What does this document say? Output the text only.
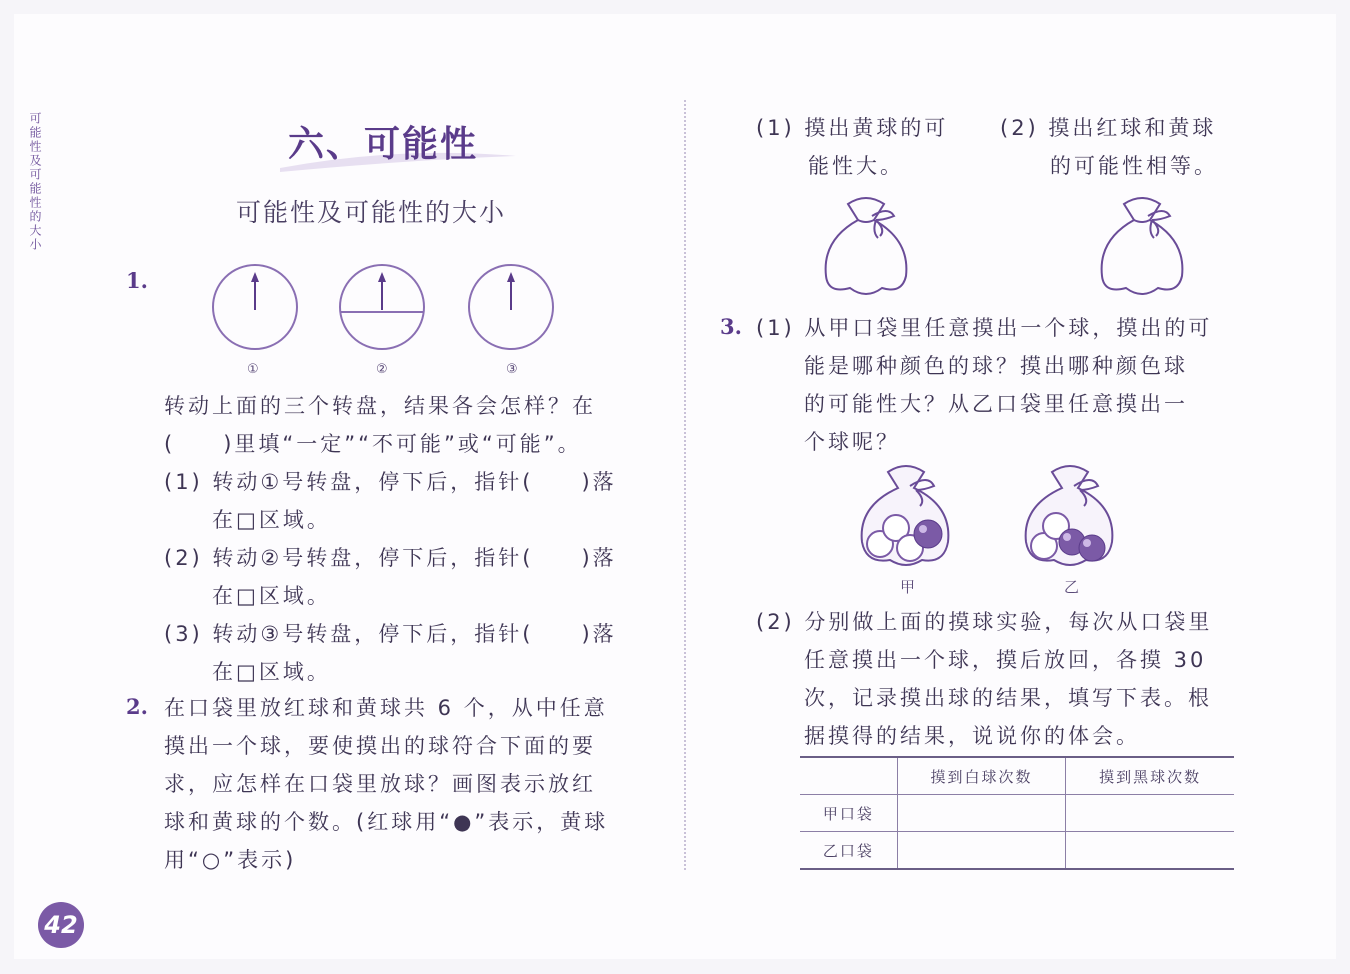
可能性及可能性的大小	六、可能性
可能性及可能性的大小
1.
①	②	③
转动上面的三个转盘，结果各会怎样？在
(　　)里填“一定”“不可能”或“可能”。
(1) 转动①号转盘，停下后，指针(　　)落
在□区域。
(2) 转动②号转盘，停下后，指针(　　)落
在□区域。
(3) 转动③号转盘，停下后，指针(　　)落
在□区域。
2. 在口袋里放红球和黄球共 6 个，从中任意
摸出一个球，要使摸出的球符合下面的要
求，应怎样在口袋里放球？画图表示放红
球和黄球的个数。(红球用“●”表示，黄球
用“○”表示)
42
(1) 摸出黄球的可
能性大。
(2) 摸出红球和黄球
的可能性相等。
3. (1) 从甲口袋里任意摸出一个球，摸出的可
能是哪种颜色的球？摸出哪种颜色球
的可能性大？从乙口袋里任意摸出一
个球呢？
甲	乙
(2) 分别做上面的摸球实验，每次从口袋里
任意摸出一个球，摸后放回，各摸 30
次，记录摸出球的结果，填写下表。根
据摸得的结果，说说你的体会。
	摸到白球次数	摸到黑球次数
甲口袋		
乙口袋		
